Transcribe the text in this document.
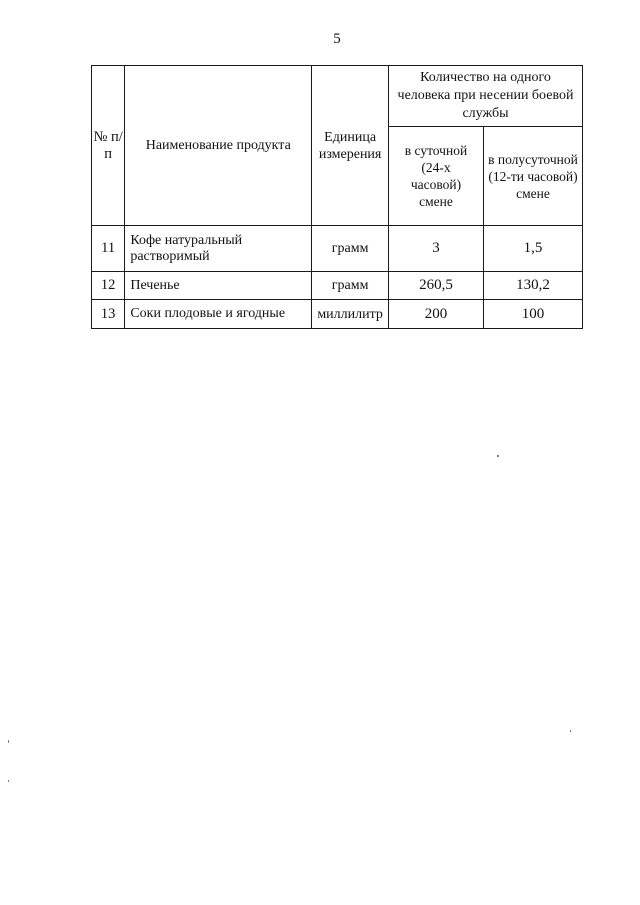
5
№ п/п	Наименование продукта	Единица измерения	Количество на одного человека при несении боевой службы	
			в суточной (24-х часовой) смене	в полусуточной (12-ти часовой) смене
11	Кофе натуральный растворимый	грамм	3	1,5
12	Печенье	грамм	260,5	130,2
13	Соки плодовые и ягодные	миллилитр	200	100
